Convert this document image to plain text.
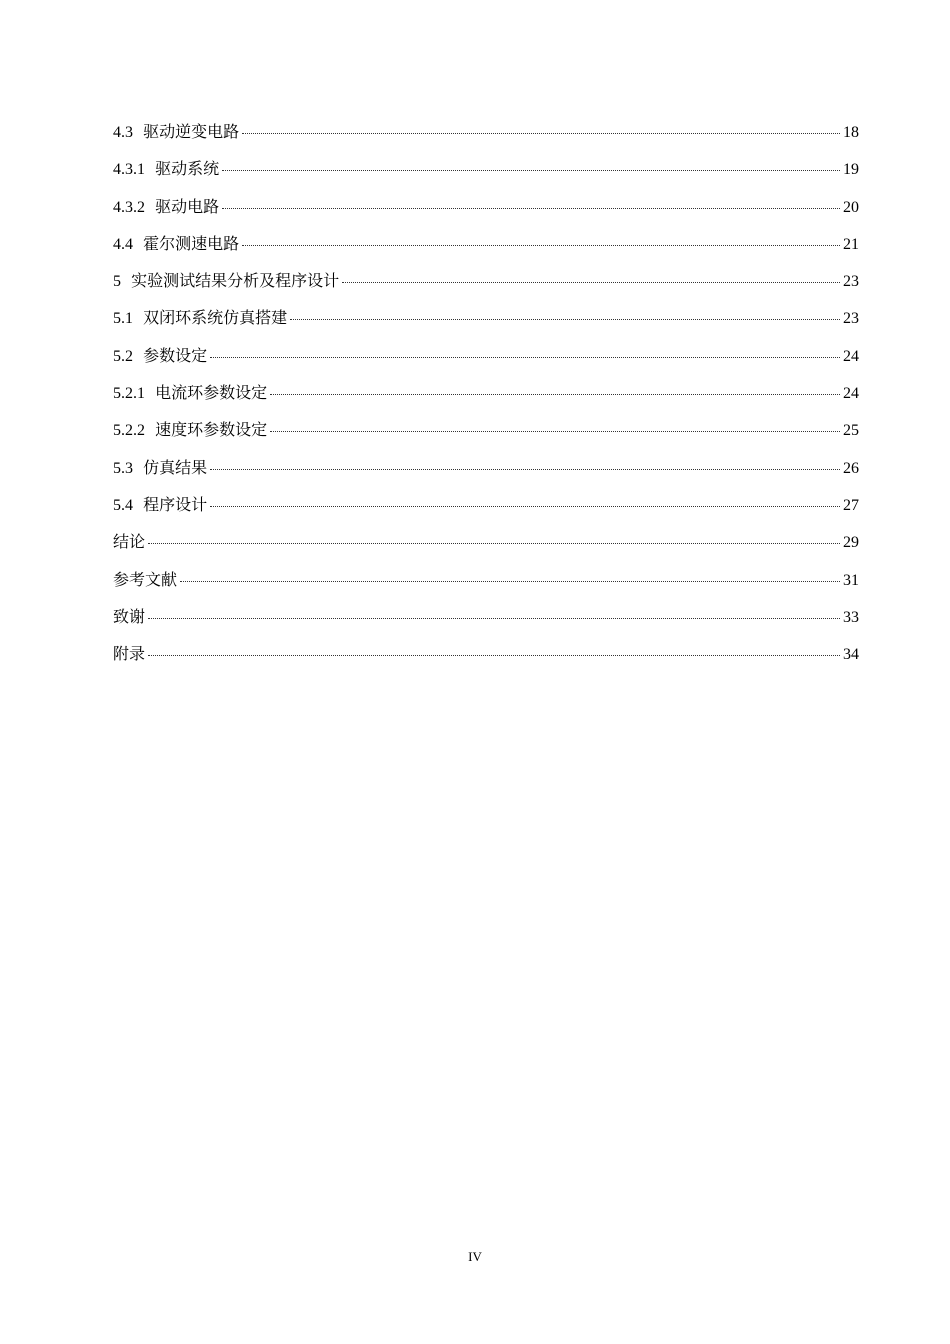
4.3 驱动逆变电路	18
4.3.1 驱动系统	19
4.3.2 驱动电路	20
4.4 霍尔测速电路	21
5 实验测试结果分析及程序设计	23
5.1 双闭环系统仿真搭建	23
5.2 参数设定	24
5.2.1 电流环参数设定	24
5.2.2 速度环参数设定	25
5.3 仿真结果	26
5.4 程序设计	27
结论	29
参考文献	31
致谢	33
附录	34
IV
